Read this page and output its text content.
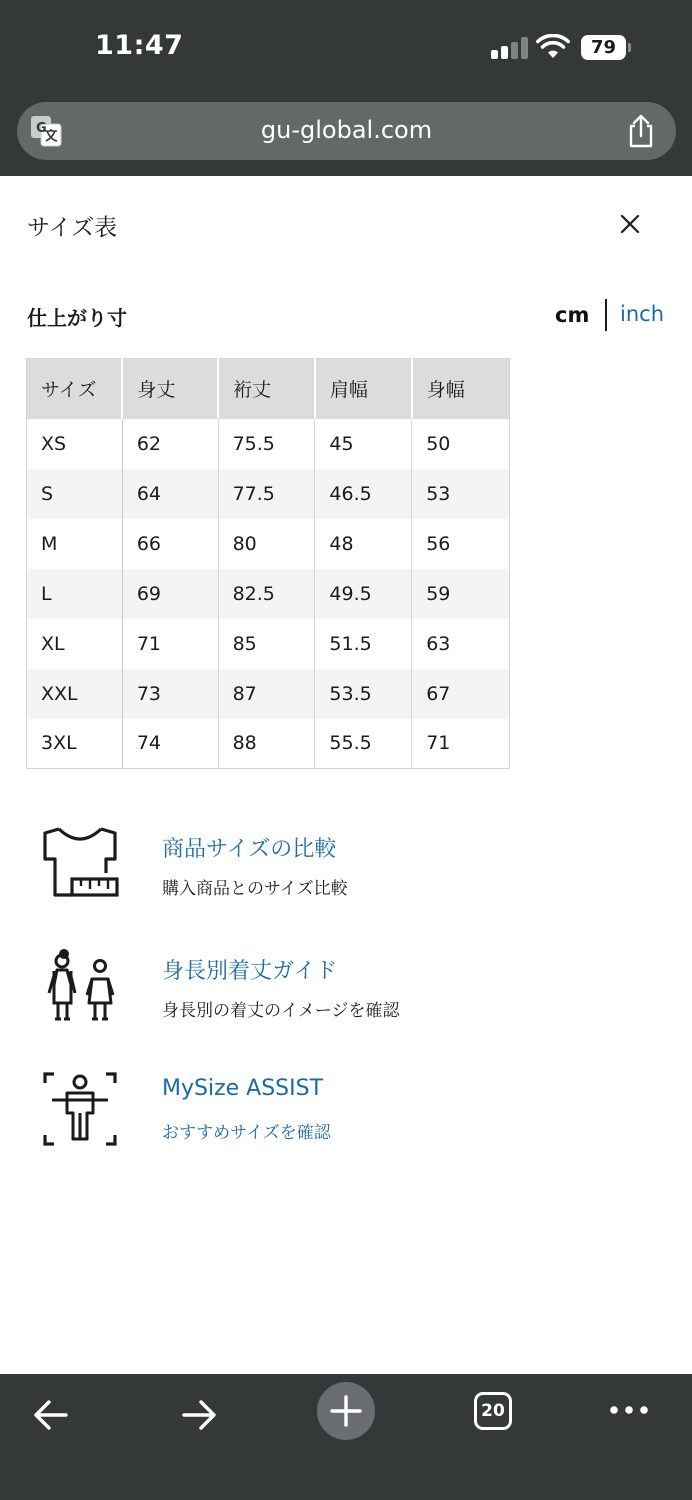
11:47	79
G	gu-global.com
サイズ表
仕上がり寸	cm inch
サイズ	身丈	裄丈	肩幅	身幅
XS	62	75.5	45	50
S	64	77.5	46.5	53
M	66	80	48	56
L	69	82.5	49.5	59
XL	71	85	51.5	63
XXL	73	87	53.5	67
3XL	74	88	55.5	71
商品サイズの比較
購入商品とのサイズ比較
身長別着丈ガイド
身長別の着丈のイメージを確認
MySize ASSIST
おすすめサイズを確認
20
